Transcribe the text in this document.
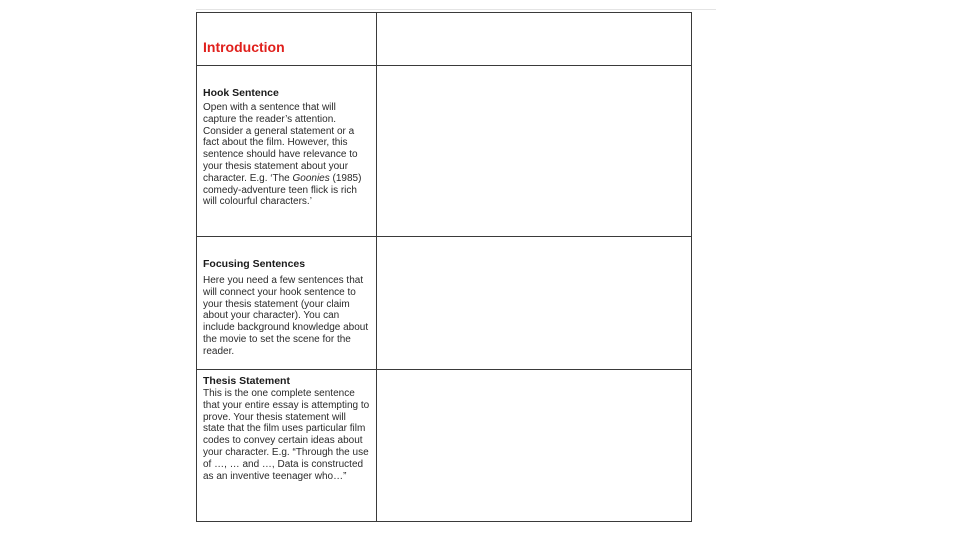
Introduction
Hook Sentence
Open with a sentence that will capture the reader’s attention. Consider a general statement or a fact about the film. However, this sentence should have relevance to your thesis statement about your character. E.g. ‘The Goonies (1985) comedy-adventure teen flick is rich will colourful characters.’
Focusing Sentences
Here you need a few sentences that will connect your hook sentence to your thesis statement (your claim about your character). You can include background knowledge about the movie to set the scene for the reader.
Thesis Statement
This is the one complete sentence that your entire essay is attempting to prove. Your thesis statement will state that the film uses particular film codes to convey certain ideas about your character. E.g. “Through the use of …, … and …, Data is constructed as an inventive teenager who…”
